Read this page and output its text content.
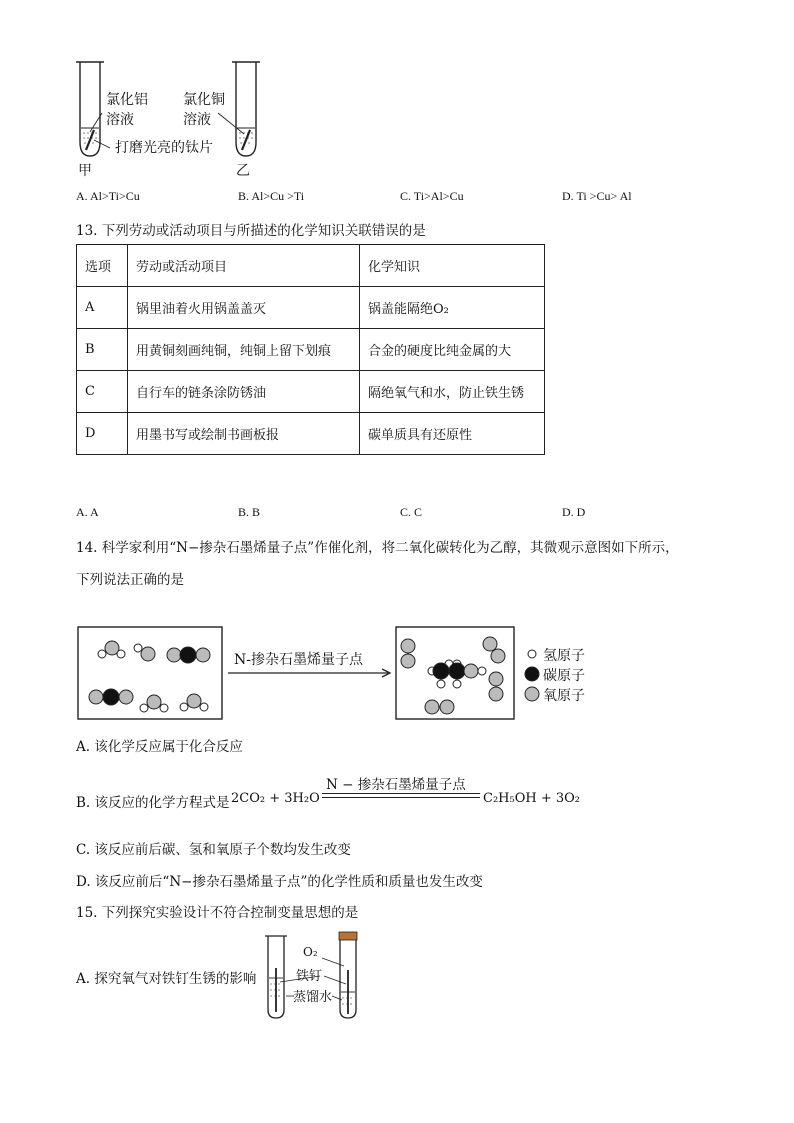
氯化铝
溶液
氯化铜
溶液
打磨光亮的钛片
甲	乙
A. Al>Ti>Cu	B. Al>Cu >Ti	C. Ti>Al>Cu	D. Ti >Cu> Al
13. 下列劳动或活动项目与所描述的化学知识关联错误的是
选项	劳动或活动项目	化学知识
A	锅里油着火用锅盖盖灭	锅盖能隔绝O₂
B	用黄铜刻画纯铜，纯铜上留下划痕	合金的硬度比纯金属的大
C	自行车的链条涂防锈油	隔绝氧气和水，防止铁生锈
D	用墨书写或绘制书画板报	碳单质具有还原性
A. A	B. B	C. C	D. D
14. 科学家利用“N−掺杂石墨烯量子点”作催化剂，将二氧化碳转化为乙醇，其微观示意图如下所示，
下列说法正确的是
N-掺杂石墨烯量子点	氢原子
碳原子
氧原子
A. 该化学反应属于化合反应
B. 该反应的化学方程式是 2CO₂ + 3H₂O
N − 掺杂石墨烯量子点
C₂H₅OH + 3O₂
C. 该反应前后碳、氢和氧原子个数均发生改变
D. 该反应前后“N−掺杂石墨烯量子点”的化学性质和质量也发生改变
15. 下列探究实验设计不符合控制变量思想的是
A. 探究氧气对铁钉生锈的影响
O₂
铁钉
蒸馏水
